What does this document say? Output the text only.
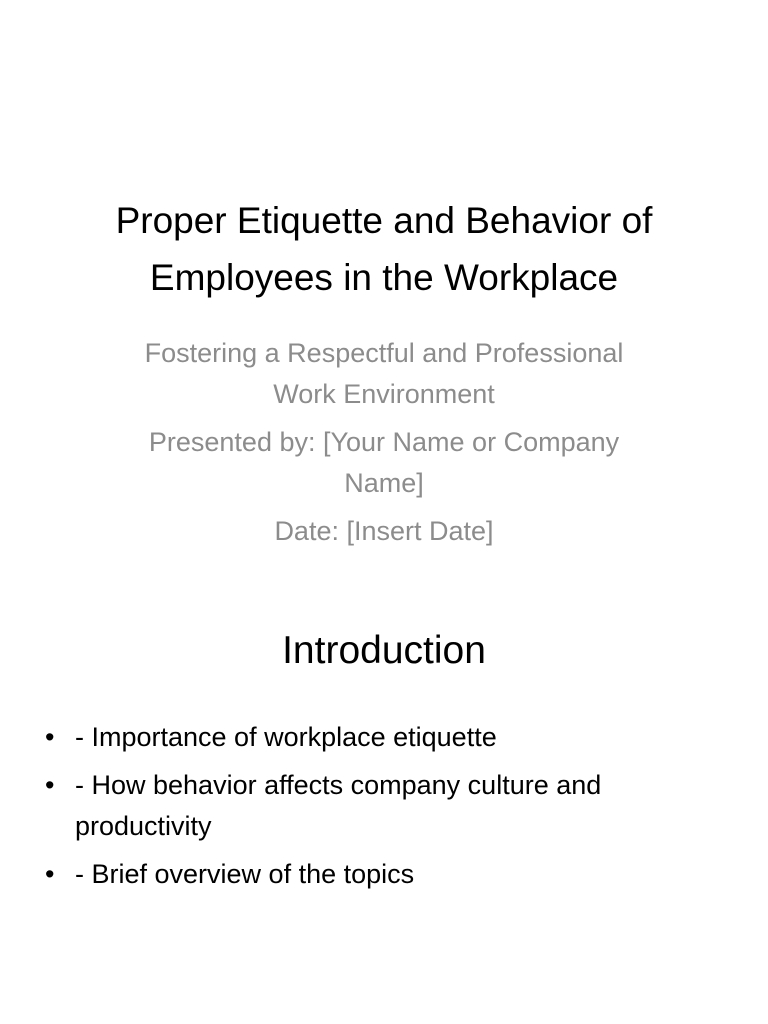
Proper Etiquette and Behavior of
Employees in the Workplace

Fostering a Respectful and Professional Work Environment

Presented by: [Your Name or Company Name]

Date: [Insert Date]

Introduction
• - Importance of workplace etiquette
• - How behavior affects company culture and productivity
• - Brief overview of the topics
